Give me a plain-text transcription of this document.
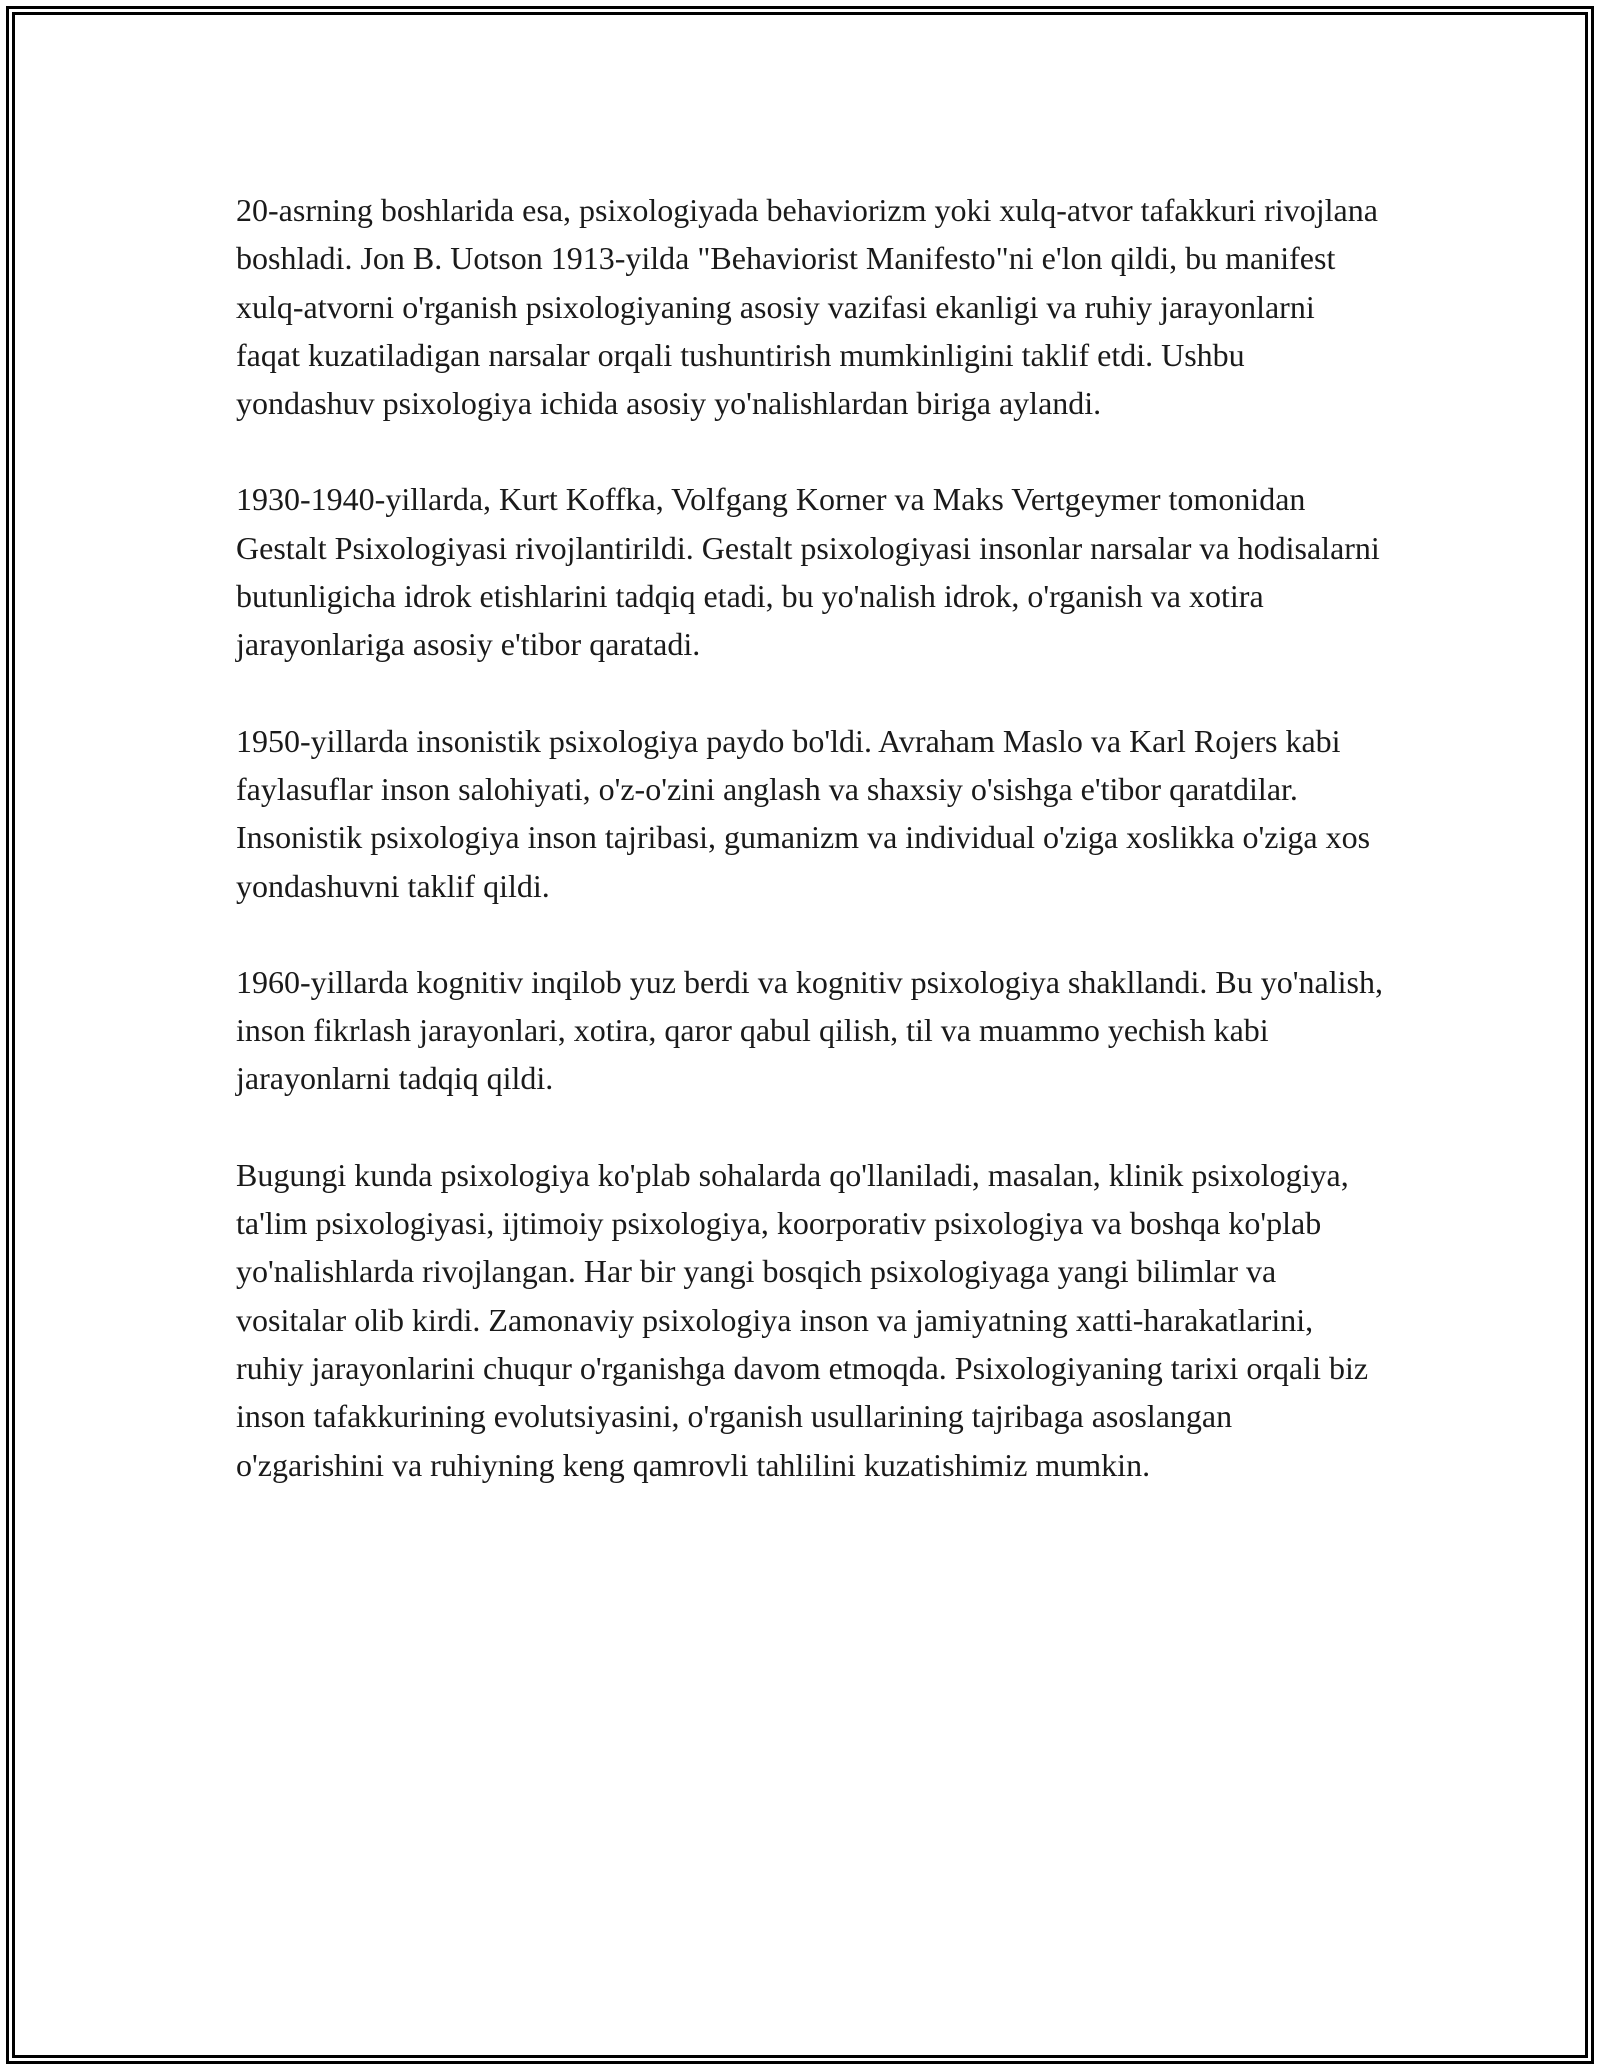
20-asrning boshlarida esa, psixologiyada behaviorizm yoki xulq-atvor tafakkuri rivojlana boshladi. Jon B. Uotson 1913-yilda "Behaviorist Manifesto"ni e'lon qildi, bu manifest xulq-atvorni o'rganish psixologiyaning asosiy vazifasi ekanligi va ruhiy jarayonlarni faqat kuzatiladigan narsalar orqali tushuntirish mumkinligini taklif etdi. Ushbu yondashuv psixologiya ichida asosiy yo'nalishlardan biriga aylandi.

1930-1940-yillarda, Kurt Koffka, Volfgang Korner va Maks Vertgeymer tomonidan Gestalt Psixologiyasi rivojlantirildi. Gestalt psixologiyasi insonlar narsalar va hodisalarni butunligicha idrok etishlarini tadqiq etadi, bu yo'nalish idrok, o'rganish va xotira jarayonlariga asosiy e'tibor qaratadi.

1950-yillarda insonistik psixologiya paydo bo'ldi. Avraham Maslo va Karl Rojers kabi faylasuflar inson salohiyati, o'z-o'zini anglash va shaxsiy o'sishga e'tibor qaratdilar. Insonistik psixologiya inson tajribasi, gumanizm va individual o'ziga xoslikka o'ziga xos yondashuvni taklif qildi.

1960-yillarda kognitiv inqilob yuz berdi va kognitiv psixologiya shakllandi. Bu yo'nalish, inson fikrlash jarayonlari, xotira, qaror qabul qilish, til va muammo yechish kabi jarayonlarni tadqiq qildi.

Bugungi kunda psixologiya ko'plab sohalarda qo'llaniladi, masalan, klinik psixologiya, ta'lim psixologiyasi, ijtimoiy psixologiya, koorporativ psixologiya va boshqa ko'plab yo'nalishlarda rivojlangan. Har bir yangi bosqich psixologiyaga yangi bilimlar va vositalar olib kirdi. Zamonaviy psixologiya inson va jamiyatning xatti-harakatlarini, ruhiy jarayonlarini chuqur o'rganishga davom etmoqda. Psixologiyaning tarixi orqali biz inson tafakkurining evolutsiyasini, o'rganish usullarining tajribaga asoslangan o'zgarishini va ruhiyning keng qamrovli tahlilini kuzatishimiz mumkin.
